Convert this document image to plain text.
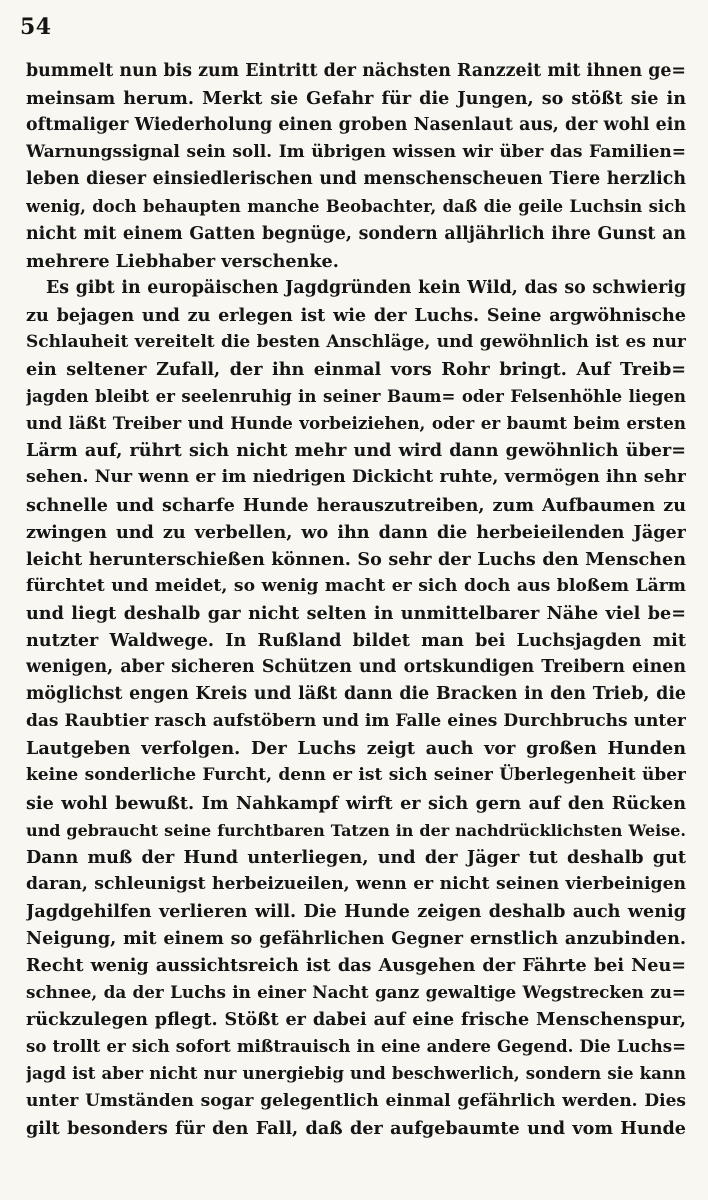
54
bummelt nun bis zum Eintritt der nächsten Ranzzeit mit ihnen ge=
meinsam herum. Merkt sie Gefahr für die Jungen, so stößt sie in
oftmaliger Wiederholung einen groben Nasenlaut aus, der wohl ein
Warnungssignal sein soll. Im übrigen wissen wir über das Familien=
leben dieser einsiedlerischen und menschenscheuen Tiere herzlich
wenig, doch behaupten manche Beobachter, daß die geile Luchsin sich
nicht mit einem Gatten begnüge, sondern alljährlich ihre Gunst an
mehrere Liebhaber verschenke.
Es gibt in europäischen Jagdgründen kein Wild, das so schwierig
zu bejagen und zu erlegen ist wie der Luchs. Seine argwöhnische
Schlauheit vereitelt die besten Anschläge, und gewöhnlich ist es nur
ein seltener Zufall, der ihn einmal vors Rohr bringt. Auf Treib=
jagden bleibt er seelenruhig in seiner Baum= oder Felsenhöhle liegen
und läßt Treiber und Hunde vorbeiziehen, oder er baumt beim ersten
Lärm auf, rührt sich nicht mehr und wird dann gewöhnlich über=
sehen. Nur wenn er im niedrigen Dickicht ruhte, vermögen ihn sehr
schnelle und scharfe Hunde herauszutreiben, zum Aufbaumen zu
zwingen und zu verbellen, wo ihn dann die herbeieilenden Jäger
leicht herunterschießen können. So sehr der Luchs den Menschen
fürchtet und meidet, so wenig macht er sich doch aus bloßem Lärm
und liegt deshalb gar nicht selten in unmittelbarer Nähe viel be=
nutzter Waldwege. In Rußland bildet man bei Luchsjagden mit
wenigen, aber sicheren Schützen und ortskundigen Treibern einen
möglichst engen Kreis und läßt dann die Bracken in den Trieb, die
das Raubtier rasch aufstöbern und im Falle eines Durchbruchs unter
Lautgeben verfolgen. Der Luchs zeigt auch vor großen Hunden
keine sonderliche Furcht, denn er ist sich seiner Überlegenheit über
sie wohl bewußt. Im Nahkampf wirft er sich gern auf den Rücken
und gebraucht seine furchtbaren Tatzen in der nachdrücklichsten Weise.
Dann muß der Hund unterliegen, und der Jäger tut deshalb gut
daran, schleunigst herbeizueilen, wenn er nicht seinen vierbeinigen
Jagdgehilfen verlieren will. Die Hunde zeigen deshalb auch wenig
Neigung, mit einem so gefährlichen Gegner ernstlich anzubinden.
Recht wenig aussichtsreich ist das Ausgehen der Fährte bei Neu=
schnee, da der Luchs in einer Nacht ganz gewaltige Wegstrecken zu=
rückzulegen pflegt. Stößt er dabei auf eine frische Menschenspur,
so trollt er sich sofort mißtrauisch in eine andere Gegend. Die Luchs=
jagd ist aber nicht nur unergiebig und beschwerlich, sondern sie kann
unter Umständen sogar gelegentlich einmal gefährlich werden. Dies
gilt besonders für den Fall, daß der aufgebaumte und vom Hunde
